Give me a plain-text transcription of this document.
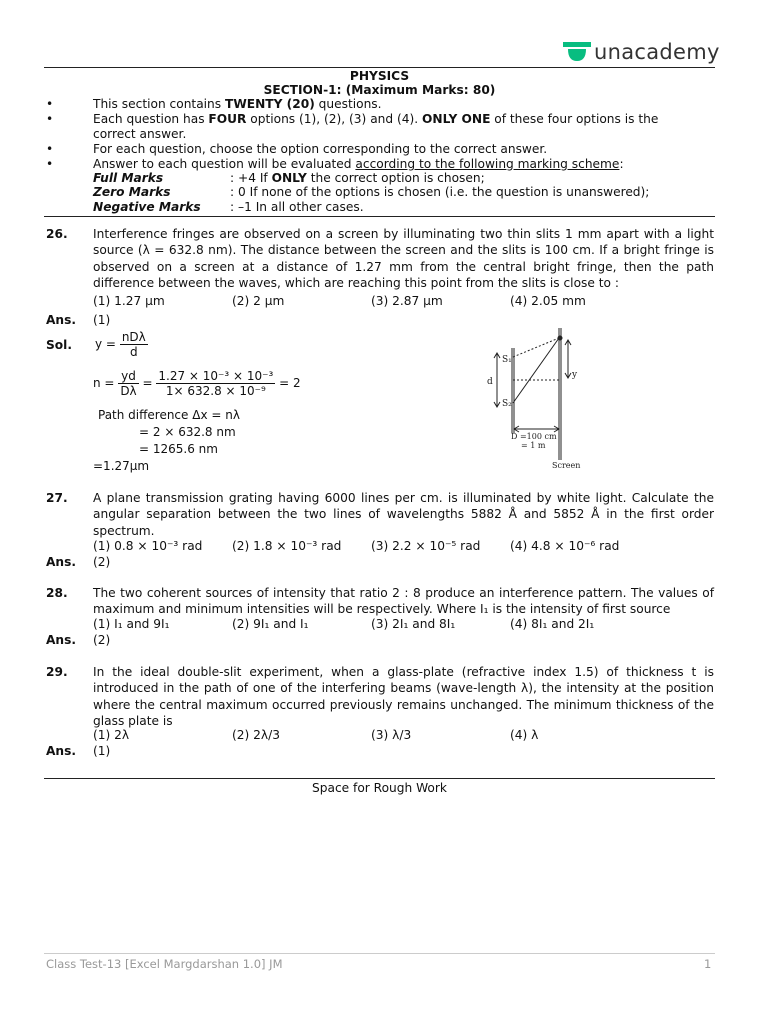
unacademy
PHYSICS
SECTION-1: (Maximum Marks: 80)
•	This section contains TWENTY (20) questions.
•	Each question has FOUR options (1), (2), (3) and (4). ONLY ONE of these four options is the
correct answer.
•	For each question, choose the option corresponding to the correct answer.
•	Answer to each question will be evaluated according to the following marking scheme:
Full Marks	: +4 If ONLY the correct option is chosen;
Zero Marks	: 0 If none of the options is chosen (i.e. the question is unanswered);
Negative Marks : –1 In all other cases.
26. Interference fringes are observed on a screen by illuminating two thin slits 1 mm apart with a light source (λ = 632.8 nm). The distance between the screen and the slits is 100 cm. If a bright fringe is observed on a screen at a distance of 1.27 mm from the central bright fringe, then the path difference between the waves, which are reaching this point from the slits is close to :
(1) 1.27 μm	(2) 2 μm	(3) 2.87 μm	(4) 2.05 mm
Ans. (1)
Sol. $y = \frac{\text{nDλ}}{d}$
$n = \frac{yd}{D\lambda} = \frac{\text{1.27 × 10⁻³ × 10⁻³}}{\text{1× 632.8 × 10⁻⁹}} = 2$
Path difference Δx = nλ
= 2 × 632.8 nm
= 1265.6 nm
=1.27μm
S₁
S₂
d
y
D =100 cm
= 1 m
Screen
27. A plane transmission grating having 6000 lines per cm. is illuminated by white light. Calculate the angular separation between the two lines of wavelengths 5882 Å and 5852 Å in the first order spectrum.
(1) 0.8 × 10⁻³ rad (2) 1.8 × 10⁻³ rad (3) 2.2 × 10⁻⁵ rad (4) 4.8 × 10⁻⁶ rad
Ans. (2)
28. The two coherent sources of intensity that ratio 2 : 8 produce an interference pattern. The values of maximum and minimum intensities will be respectively. Where I₁ is the intensity of first source
(1) I₁ and 9I₁	(2) 9I₁ and I₁	(3) 2I₁ and 8I₁	(4) 8I₁ and 2I₁
Ans. (2)
29. In the ideal double-slit experiment, when a glass-plate (refractive index 1.5) of thickness t is introduced in the path of one of the interfering beams (wave-length λ), the intensity at the position where the central maximum occurred previously remains unchanged. The minimum thickness of the glass plate is
(1) 2λ	(2) 2λ/3	(3) λ/3	(4) λ
Ans. (1)
Space for Rough Work
Class Test-13 [Excel Margdarshan 1.0] JM	1
